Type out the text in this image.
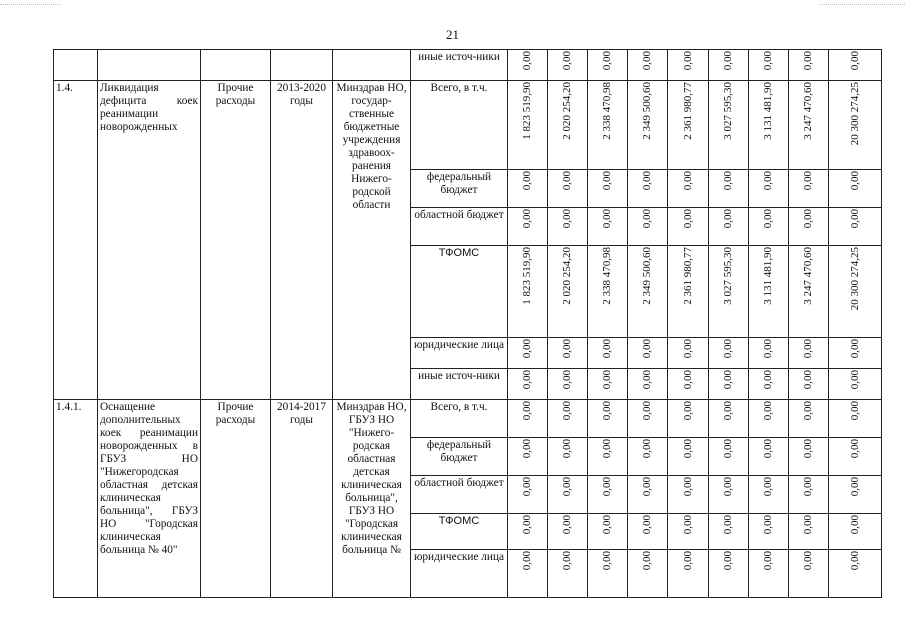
21
					иные источ-ники	0,00	0,00	0,00	0,00	0,00	0,00	0,00	0,00	0,00
1.4.	Ликвидация дефицита коек реанимации новорожденных	Прочие расходы	2013-2020 годы	Минздрав НО, государ-ственные бюджетные учреждения здравоох-ранения Нижего-родской области	Всего, в т.ч.	1 823 519,90	2 020 254,20	2 338 470,98	2 349 500,60	2 361 980,77	3 027 595,30	3 131 481,90	3 247 470,60	20 300 274,25
					федеральный бюджет	0,00	0,00	0,00	0,00	0,00	0,00	0,00	0,00	0,00
					областной бюджет	0,00	0,00	0,00	0,00	0,00	0,00	0,00	0,00	0,00
					ТФОМС	1 823 519,90	2 020 254,20	2 338 470,98	2 349 500,60	2 361 980,77	3 027 595,30	3 131 481,90	3 247 470,60	20 300 274,25
					юридические лица	0,00	0,00	0,00	0,00	0,00	0,00	0,00	0,00	0,00
					иные источ-ники	0,00	0,00	0,00	0,00	0,00	0,00	0,00	0,00	0,00
1.4.1.	Оснащение дополнительных коек реанимации новорожденных в ГБУЗ НО "Нижегородская областная детская клиническая больница", ГБУЗ НО "Городская клиническая больница № 40"	Прочие расходы	2014-2017 годы	Минздрав НО, ГБУЗ НО "Нижего-родская областная детская клиническая больница", ГБУЗ НО "Городская клиническая больница №	Всего, в т.ч.	0,00	0,00	0,00	0,00	0,00	0,00	0,00	0,00	0,00
					федеральный бюджет	0,00	0,00	0,00	0,00	0,00	0,00	0,00	0,00	0,00
					областной бюджет	0,00	0,00	0,00	0,00	0,00	0,00	0,00	0,00	0,00
					ТФОМС	0,00	0,00	0,00	0,00	0,00	0,00	0,00	0,00	0,00
					юридические лица	0,00	0,00	0,00	0,00	0,00	0,00	0,00	0,00	0,00
